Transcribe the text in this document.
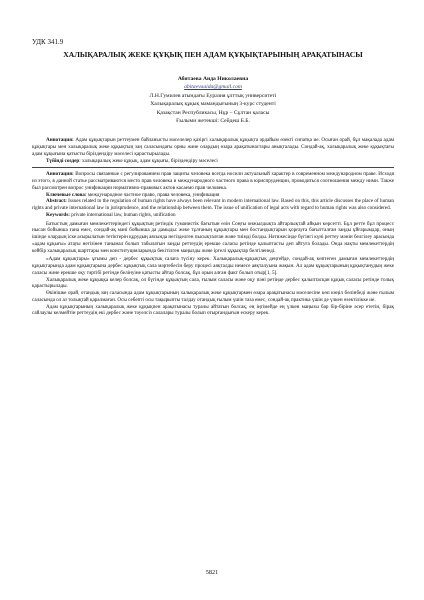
УДК 341.9
ХАЛЫҚАРАЛЫҚ ЖЕКЕ ҚҰҚЫҚ ПЕН АДАМ ҚҰҚЫҚТАРЫНЫҢ АРАҚАТЫНАСЫ
Абитаева Аида Николаевна
abitaevaaida@gmail.com
Л.Н.Гумилев атындағы Еуразия ұлттық университеті
Халықаралық құқық мамандығының 3-курс студенті
Қазақстан Республикасы, Нұр – Сұлтан қаласы
Ғылыми жетекші: Сейдеш Б.Б.

Аннотация: Адам құқықтарын реттеумен байланысты мәселелер қазіргі халықаралық құқықта әрдайым өзекті сипатқа ие. Осыған орай, бұл мақалада адам құқықтары мен халықаралық жеке құқықтың заң саласындағы орны және олардың өзара арақатынастары анықталады. Сондай-ақ, халықаралық жеке құқықтағы адам құқығына қатысты біріздендіру мәселесі қарастырылады.

Түйінді сөздер: халықаралық жеке құқық, адам құқығы, біріздендіру мәселесі

Аннотация: Вопросы связанные с регулированием прав защиты человека всегда носили актуальный характер в современном международном праве. Исходя из этого, в данной статье рассматриваются место прав человека и международного частного права в юриспруденции, проводиться соотношения между ними. Также был рассмотрен вопрос унификации нормативно-правовых актов касаемо прав человека.

Ключевые слова: международное частное право, права человека, унификация

Abstract: Issues related to the regulation of human rights have always been relevant in modern international law. Based on this, this article discusses the place of human rights and private international law in jurisprudence, and the relationship between them. The issue of unification of legal acts with regard to human rights was also considered.

Keywords: private international law, human rights, unification

Батыстың дамыған мемлекеттеріндегі құқықтың ретіндік гуманистік бағытын өзін Соңғы онжылдықта айтарлықтай айқын көрсетті. Бұл ретте бұл процесс нысан бойынша ғана емес, сондай-ақ мәні бойынша да дамыды: жеке тұлғаның құқықтары мен бостандықтарын қорғауға бағытталған заңды ұйғарымдар, оның ішінде олардың іске асырылатын тетіктерін құрудың аясында негізделген пысықталған және тиімді болды. Нәтижесінде бүгінгі күні реттеу мәнін белгілеу арасында «адам құқығы» атауы негізінен танымал болып табылатын заңды реттеудің ерекше саласы ретінде қалыптасты деп айтуға болады. Онда нақты мемлекеттердің кейбір халықаралық шарттары мен конституцияларында бекітілген маңызды және іргелі құқықтар белгіленеді.

«Адам құқықтары» ұғымы деп - дербес құқықтық салаға түсіну керек. Халықаралық-құқықтық деңгейде, сондай-ақ көптеген дамыған мемлекеттердің құқықтарында адам құқықтарына дербес құқықтық сала мәртебесін беру процесі аяқталды немесе аяқталуына жақын. Ал адам құқықтарының құқықтанудың жеке саласы және ерекше оқу тәртібі ретінде белінуіне қатысты айтар болсақ, бұл орын алған факт болып отыр[1, 5].

Халықаралық жеке құқыққа келер болсақ, ол бүгінде құқықтың сала, ғылым саласы және оқу пәні ретінде дербес қалыптасқан құқық саласы ретінде толық қарастырылады.

Өкінішке орай, отандық заң саласында адам құқықтарының халықаралық жеке құқықтармен өзара арақатынасы мәселесіне көп көңіл бөлінбеді және ғылым саласында ол аз толықтай қаралмаған. Осы себепті осы тақырыпты талдау отандық ғылым үшін таза емес, сондай-ақ практика үшін де үлкен өзектілікке ие.

Адам құқықтарының халықаралық жеке құқықпен арақатынасы туралы айтатын болсақ, ең іңгімейде ең үлкен маңызы бар бір-біріне әсер ететін, бірақ сайлаулы келмейтін реттеудің екі дербес және тәуелсіз салалары туралы болып отырғандығын ескеру керек.

5821
